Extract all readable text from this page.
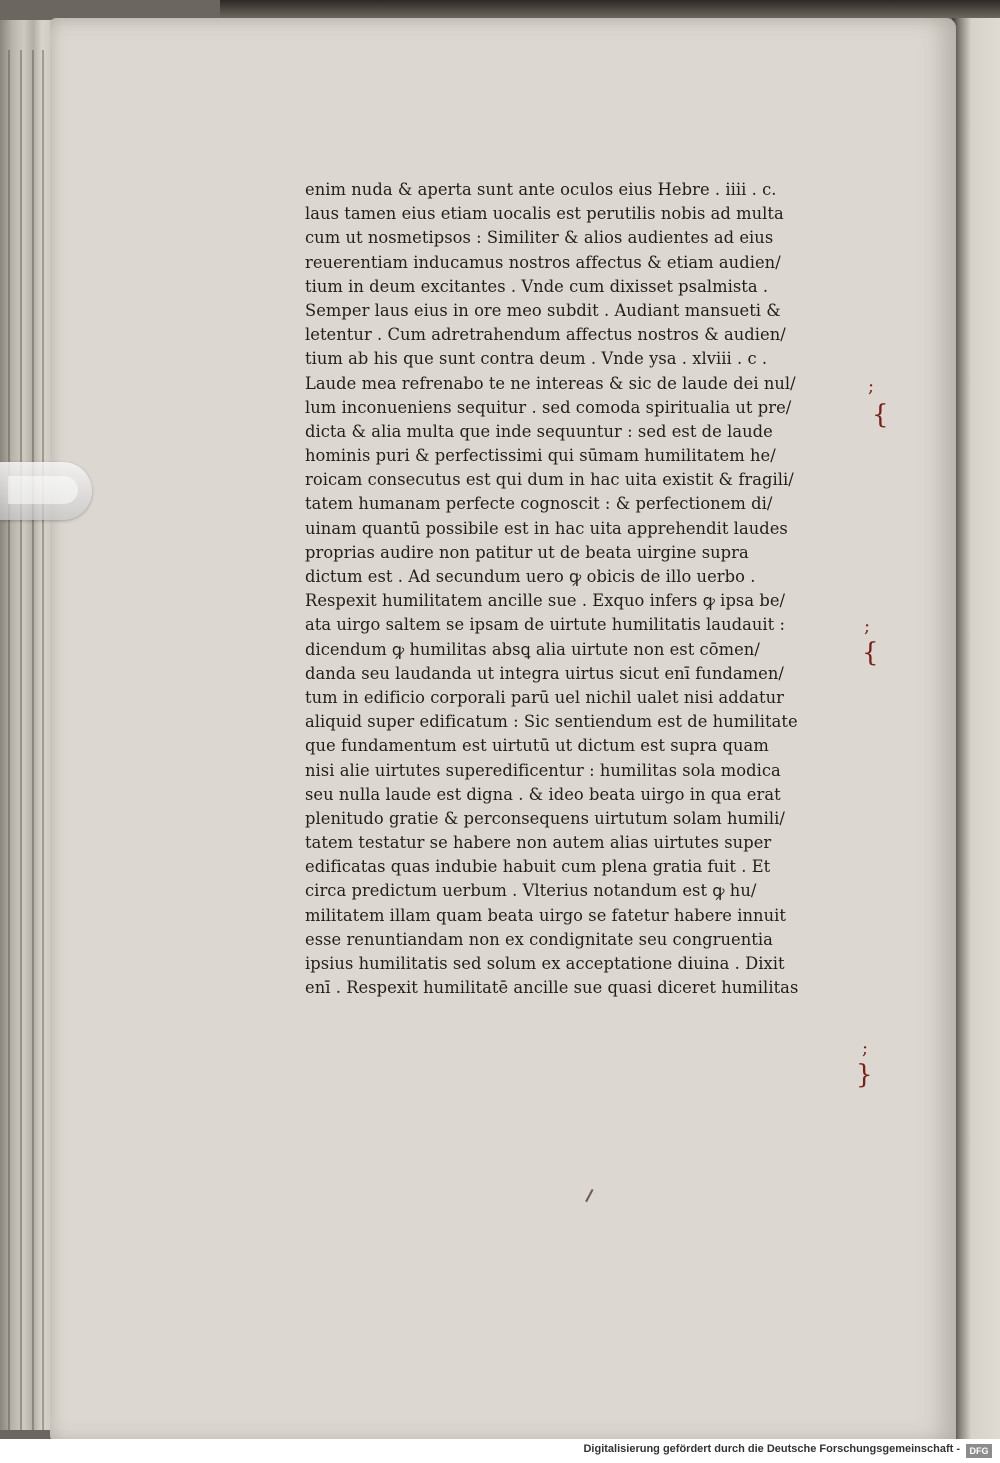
enim nuda & aperta sunt ante oculos eius Hebre . iiii . c.
laus tamen eius etiam uocalis est perutilis nobis ad multa
cum ut nosmetipsos : Similiter & alios audientes ad eius
reuerentiam inducamus nostros affectus & etiam audien/
tium in deum excitantes . Vnde cum dixisset psalmista .
Semper laus eius in ore meo subdit . Audiant mansueti &
letentur . Cum adretrahendum affectus nostros & audien/
tium ab his que sunt contra deum . Vnde ysa . xlviii . c .
Laude mea refrenabo te ne intereas & sic de laude dei nul/
lum inconueniens sequitur . sed comoda spiritualia ut pre/
dicta & alia multa que inde sequuntur : sed est de laude
hominis puri & perfectissimi qui sūmam humilitatem he/
roicam consecutus est qui dum in hac uita existit & fragili/
tatem humanam perfecte cognoscit : & perfectionem di/
uinam quantū possibile est in hac uita apprehendit laudes
proprias audire non patitur ut de beata uirgine supra
dictum est . Ad secundum uero ꝙ obicis de illo uerbo .
Respexit humilitatem ancille sue . Exquo infers ꝙ ipsa be/
ata uirgo saltem se ipsam de uirtute humilitatis laudauit :
dicendum ꝙ humilitas absꝗ alia uirtute non est cōmen/
danda seu laudanda ut integra uirtus sicut enī fundamen/
tum in edificio corporali parū uel nichil ualet nisi addatur
aliquid super edificatum : Sic sentiendum est de humilitate
que fundamentum est uirtutū ut dictum est supra quam
nisi alie uirtutes superedificentur : humilitas sola modica
seu nulla laude est digna . & ideo beata uirgo in qua erat
plenitudo gratie & perconsequens uirtutum solam humili/
tatem testatur se habere non autem alias uirtutes super
edificatas quas indubie habuit cum plena gratia fuit . Et
circa predictum uerbum . Vlterius notandum est ꝙ hu/
militatem illam quam beata uirgo se fatetur habere innuit
esse renuntiandam non ex condignitate seu congruentia
ipsius humilitatis sed solum ex acceptatione diuina . Dixit
enī . Respexit humilitatē ancille sue quasi diceret humilitas
;
{
;
{
;
}
Digitalisierung gefördert durch die Deutsche Forschungsgemeinschaft -	DFG
